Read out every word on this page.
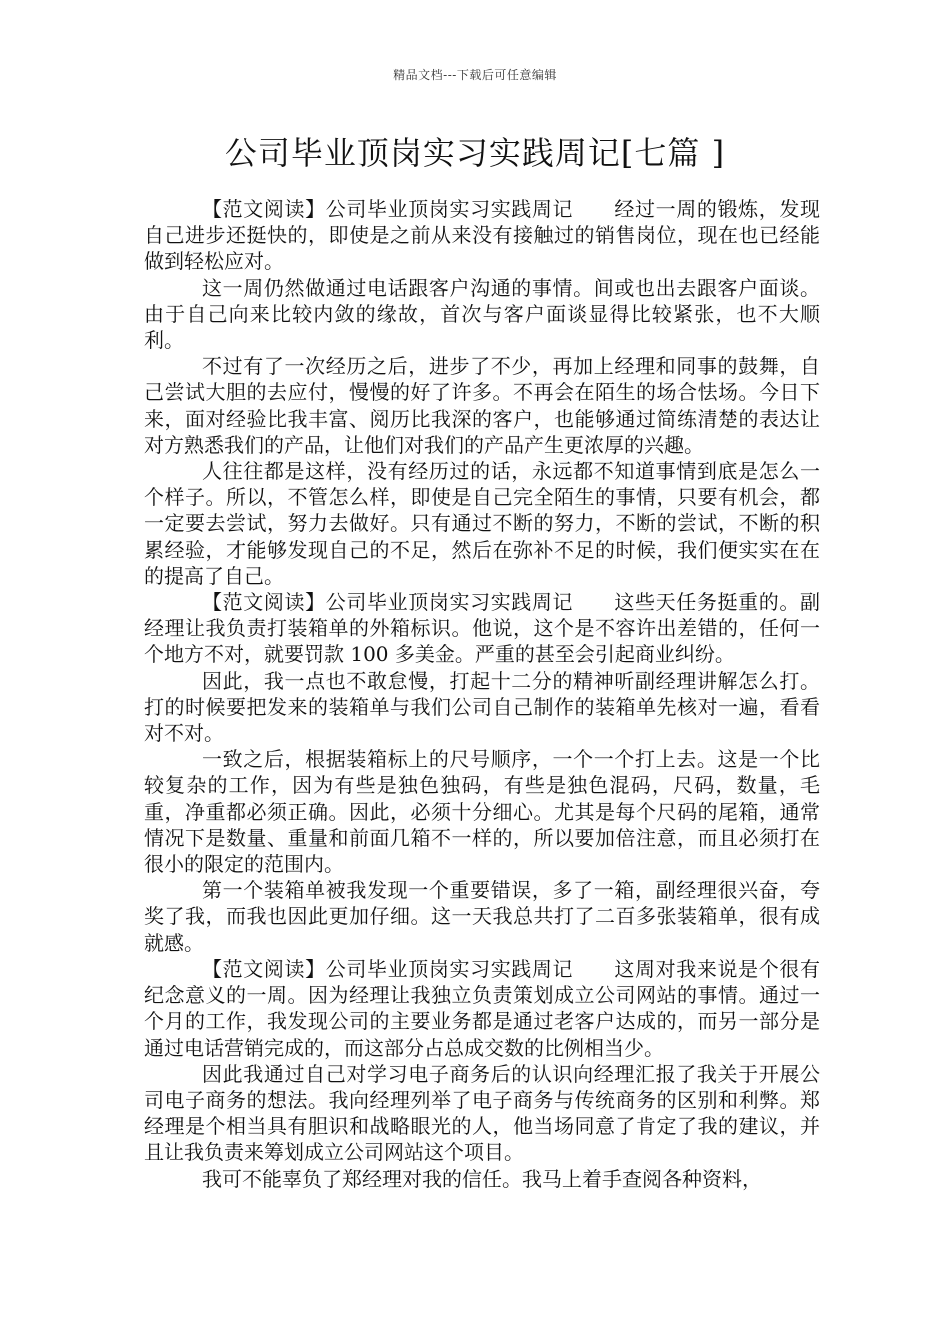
精品文档---下载后可任意编辑
公司毕业顶岗实习实践周记[七篇 ]

【范文阅读】公司毕业顶岗实习实践周记　　经过一周的锻炼，发现自己进步还挺快的，即使是之前从来没有接触过的销售岗位，现在也已经能做到轻松应对。

这一周仍然做通过电话跟客户沟通的事情。间或也出去跟客户面谈。由于自己向来比较内敛的缘故，首次与客户面谈显得比较紧张，也不大顺利。

不过有了一次经历之后，进步了不少，再加上经理和同事的鼓舞，自己尝试大胆的去应付，慢慢的好了许多。不再会在陌生的场合怯场。今日下来，面对经验比我丰富、阅历比我深的客户，也能够通过简练清楚的表达让对方熟悉我们的产品，让他们对我们的产品产生更浓厚的兴趣。

人往往都是这样，没有经历过的话，永远都不知道事情到底是怎么一个样子。所以，不管怎么样，即使是自己完全陌生的事情，只要有机会，都一定要去尝试，努力去做好。只有通过不断的努力，不断的尝试，不断的积累经验，才能够发现自己的不足，然后在弥补不足的时候，我们便实实在在的提高了自己。

【范文阅读】公司毕业顶岗实习实践周记　　这些天任务挺重的。副经理让我负责打装箱单的外箱标识。他说，这个是不容许出差错的，任何一个地方不对，就要罚款 100 多美金。严重的甚至会引起商业纠纷。

因此，我一点也不敢怠慢，打起十二分的精神听副经理讲解怎么打。打的时候要把发来的装箱单与我们公司自己制作的装箱单先核对一遍，看看对不对。

一致之后，根据装箱标上的尺号顺序，一个一个打上去。这是一个比较复杂的工作，因为有些是独色独码，有些是独色混码，尺码，数量，毛重，净重都必须正确。因此，必须十分细心。尤其是每个尺码的尾箱，通常情况下是数量、重量和前面几箱不一样的，所以要加倍注意，而且必须打在很小的限定的范围内。

第一个装箱单被我发现一个重要错误，多了一箱，副经理很兴奋，夸奖了我，而我也因此更加仔细。这一天我总共打了二百多张装箱单，很有成就感。

【范文阅读】公司毕业顶岗实习实践周记　　这周对我来说是个很有纪念意义的一周。因为经理让我独立负责策划成立公司网站的事情。通过一个月的工作，我发现公司的主要业务都是通过老客户达成的，而另一部分是通过电话营销完成的，而这部分占总成交数的比例相当少。

因此我通过自己对学习电子商务后的认识向经理汇报了我关于开展公司电子商务的想法。我向经理列举了电子商务与传统商务的区别和利弊。郑经理是个相当具有胆识和战略眼光的人，他当场同意了肯定了我的建议，并且让我负责来筹划成立公司网站这个项目。

我可不能辜负了郑经理对我的信任。我马上着手查阅各种资料，
